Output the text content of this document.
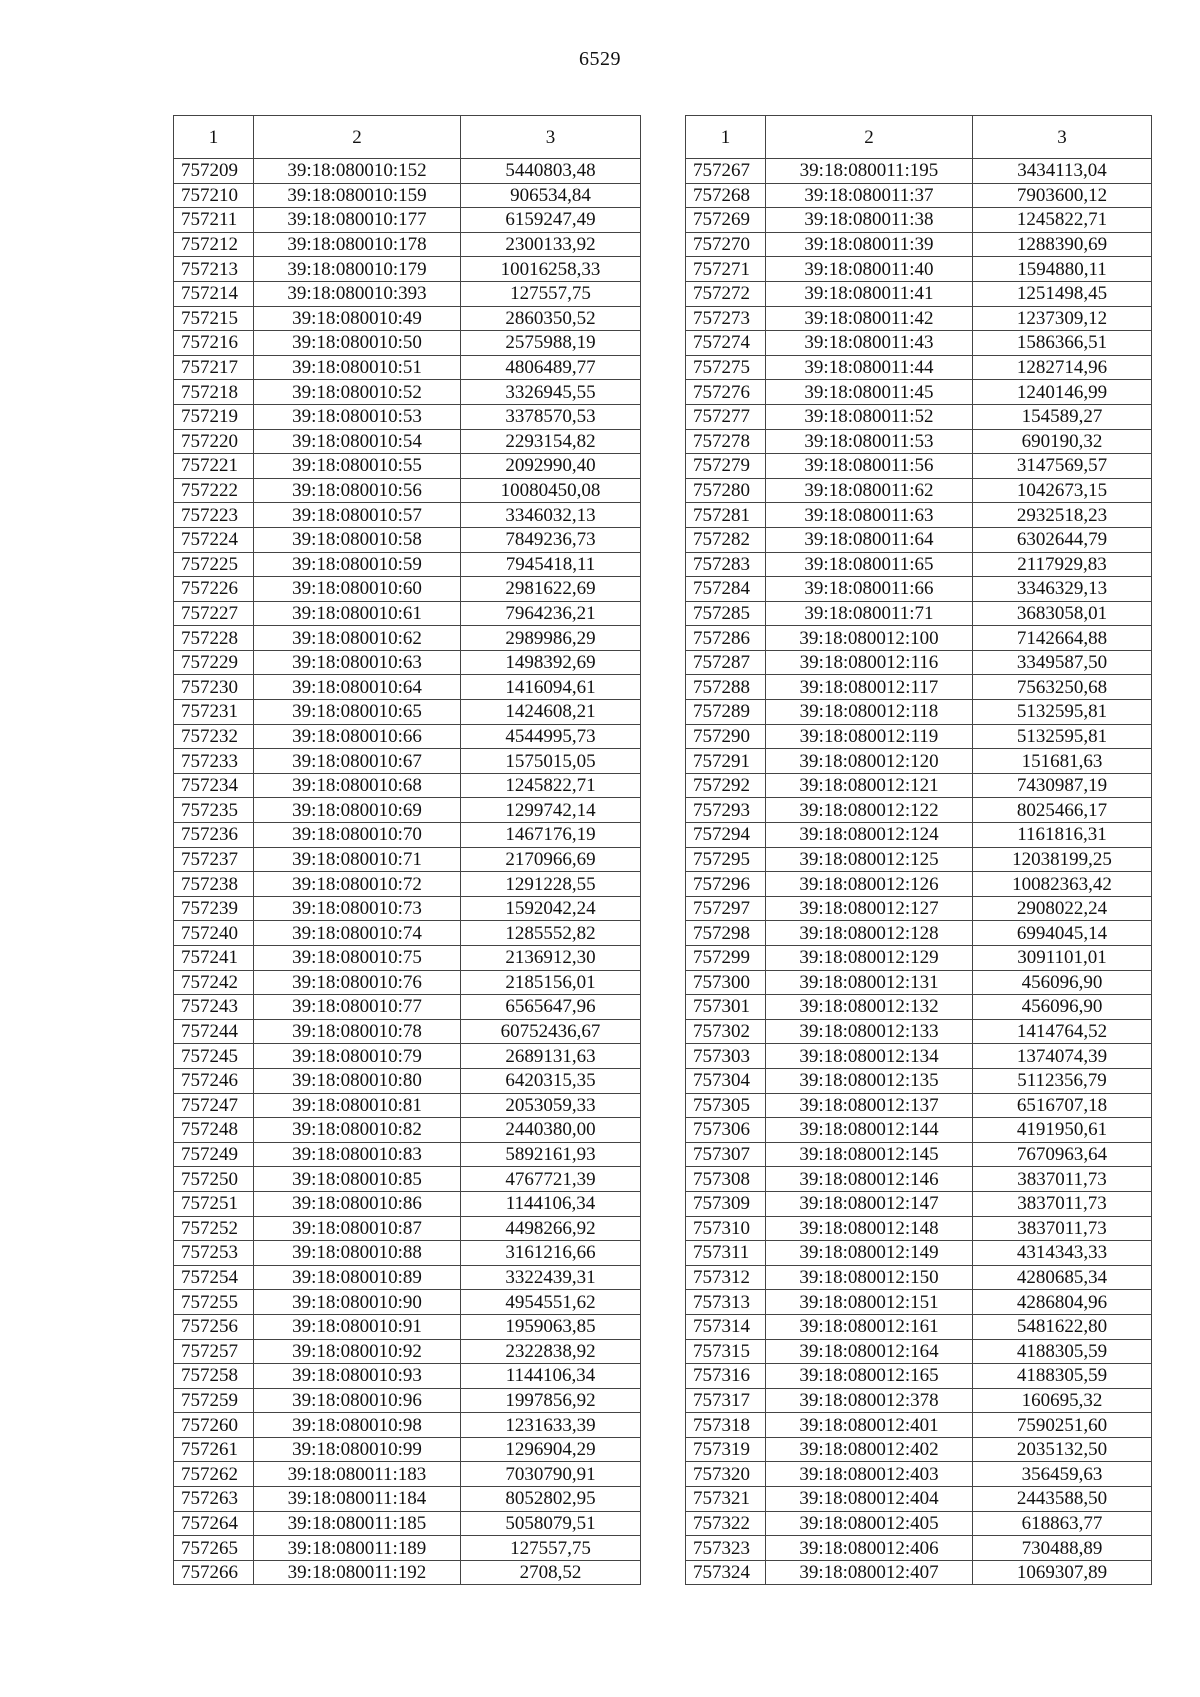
6529
1	2	3
757209	39:18:080010:152	5440803,48
757210	39:18:080010:159	906534,84
757211	39:18:080010:177	6159247,49
757212	39:18:080010:178	2300133,92
757213	39:18:080010:179	10016258,33
757214	39:18:080010:393	127557,75
757215	39:18:080010:49	2860350,52
757216	39:18:080010:50	2575988,19
757217	39:18:080010:51	4806489,77
757218	39:18:080010:52	3326945,55
757219	39:18:080010:53	3378570,53
757220	39:18:080010:54	2293154,82
757221	39:18:080010:55	2092990,40
757222	39:18:080010:56	10080450,08
757223	39:18:080010:57	3346032,13
757224	39:18:080010:58	7849236,73
757225	39:18:080010:59	7945418,11
757226	39:18:080010:60	2981622,69
757227	39:18:080010:61	7964236,21
757228	39:18:080010:62	2989986,29
757229	39:18:080010:63	1498392,69
757230	39:18:080010:64	1416094,61
757231	39:18:080010:65	1424608,21
757232	39:18:080010:66	4544995,73
757233	39:18:080010:67	1575015,05
757234	39:18:080010:68	1245822,71
757235	39:18:080010:69	1299742,14
757236	39:18:080010:70	1467176,19
757237	39:18:080010:71	2170966,69
757238	39:18:080010:72	1291228,55
757239	39:18:080010:73	1592042,24
757240	39:18:080010:74	1285552,82
757241	39:18:080010:75	2136912,30
757242	39:18:080010:76	2185156,01
757243	39:18:080010:77	6565647,96
757244	39:18:080010:78	60752436,67
757245	39:18:080010:79	2689131,63
757246	39:18:080010:80	6420315,35
757247	39:18:080010:81	2053059,33
757248	39:18:080010:82	2440380,00
757249	39:18:080010:83	5892161,93
757250	39:18:080010:85	4767721,39
757251	39:18:080010:86	1144106,34
757252	39:18:080010:87	4498266,92
757253	39:18:080010:88	3161216,66
757254	39:18:080010:89	3322439,31
757255	39:18:080010:90	4954551,62
757256	39:18:080010:91	1959063,85
757257	39:18:080010:92	2322838,92
757258	39:18:080010:93	1144106,34
757259	39:18:080010:96	1997856,92
757260	39:18:080010:98	1231633,39
757261	39:18:080010:99	1296904,29
757262	39:18:080011:183	7030790,91
757263	39:18:080011:184	8052802,95
757264	39:18:080011:185	5058079,51
757265	39:18:080011:189	127557,75
757266	39:18:080011:192	2708,52
1	2	3
757267	39:18:080011:195	3434113,04
757268	39:18:080011:37	7903600,12
757269	39:18:080011:38	1245822,71
757270	39:18:080011:39	1288390,69
757271	39:18:080011:40	1594880,11
757272	39:18:080011:41	1251498,45
757273	39:18:080011:42	1237309,12
757274	39:18:080011:43	1586366,51
757275	39:18:080011:44	1282714,96
757276	39:18:080011:45	1240146,99
757277	39:18:080011:52	154589,27
757278	39:18:080011:53	690190,32
757279	39:18:080011:56	3147569,57
757280	39:18:080011:62	1042673,15
757281	39:18:080011:63	2932518,23
757282	39:18:080011:64	6302644,79
757283	39:18:080011:65	2117929,83
757284	39:18:080011:66	3346329,13
757285	39:18:080011:71	3683058,01
757286	39:18:080012:100	7142664,88
757287	39:18:080012:116	3349587,50
757288	39:18:080012:117	7563250,68
757289	39:18:080012:118	5132595,81
757290	39:18:080012:119	5132595,81
757291	39:18:080012:120	151681,63
757292	39:18:080012:121	7430987,19
757293	39:18:080012:122	8025466,17
757294	39:18:080012:124	1161816,31
757295	39:18:080012:125	12038199,25
757296	39:18:080012:126	10082363,42
757297	39:18:080012:127	2908022,24
757298	39:18:080012:128	6994045,14
757299	39:18:080012:129	3091101,01
757300	39:18:080012:131	456096,90
757301	39:18:080012:132	456096,90
757302	39:18:080012:133	1414764,52
757303	39:18:080012:134	1374074,39
757304	39:18:080012:135	5112356,79
757305	39:18:080012:137	6516707,18
757306	39:18:080012:144	4191950,61
757307	39:18:080012:145	7670963,64
757308	39:18:080012:146	3837011,73
757309	39:18:080012:147	3837011,73
757310	39:18:080012:148	3837011,73
757311	39:18:080012:149	4314343,33
757312	39:18:080012:150	4280685,34
757313	39:18:080012:151	4286804,96
757314	39:18:080012:161	5481622,80
757315	39:18:080012:164	4188305,59
757316	39:18:080012:165	4188305,59
757317	39:18:080012:378	160695,32
757318	39:18:080012:401	7590251,60
757319	39:18:080012:402	2035132,50
757320	39:18:080012:403	356459,63
757321	39:18:080012:404	2443588,50
757322	39:18:080012:405	618863,77
757323	39:18:080012:406	730488,89
757324	39:18:080012:407	1069307,89
